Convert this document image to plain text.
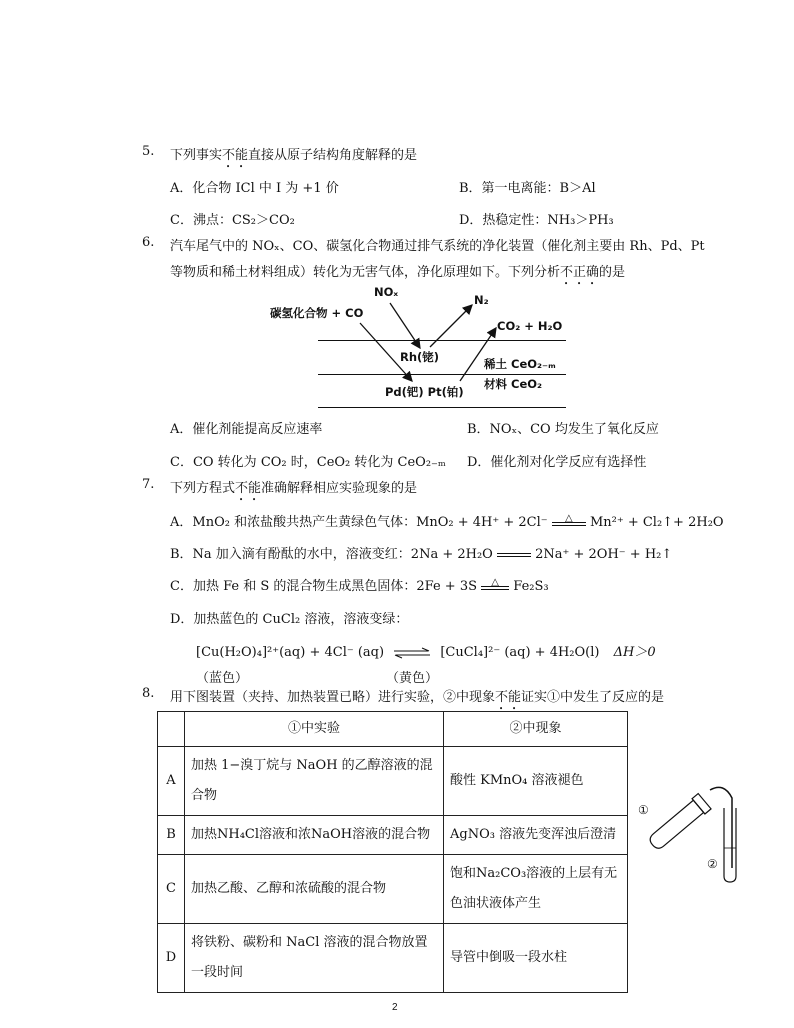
5. 下列事实不能直接从原子结构角度解释的是
A．化合物 ICl 中 I 为 +1 价	B．第一电离能：B＞Al
C．沸点：CS₂＞CO₂	D．热稳定性：NH₃＞PH₃
6. 汽车尾气中的 NOₓ、CO、碳氢化合物通过排气系统的净化装置（催化剂主要由 Rh、Pd、Pt
等物质和稀土材料组成）转化为无害气体，净化原理如下。下列分析不正确的是
碳氢化合物 + CO
NOₓ
N₂
CO₂ + H₂O
Rh(铑)
Pd(钯) Pt(铂)
稀土 CeO₂₋ₘ
材料 CeO₂
A．催化剂能提高反应速率	B．NOₓ、CO 均发生了氧化反应
C．CO 转化为 CO₂ 时，CeO₂ 转化为 CeO₂₋ₘ D．催化剂对化学反应有选择性
7. 下列方程式不能准确解释相应实验现象的是
A．MnO₂ 和浓盐酸共热产生黄绿色气体：MnO₂ + 4H⁺ + 2Cl⁻	△	Mn²⁺ + Cl₂↑+ 2H₂O
B．Na 加入滴有酚酞的水中，溶液变红：2Na + 2H₂O	2Na⁺ + 2OH⁻ + H₂↑
C．加热 Fe 和 S 的混合物生成黑色固体：2Fe + 3S	△	Fe₂S₃
D．加热蓝色的 CuCl₂ 溶液，溶液变绿：
[Cu(H₂O)₄]²⁺(aq) + 4Cl⁻ (aq) ⇌ [CuCl₄]²⁻ (aq) + 4H₂O(l) ΔH＞0
（蓝色）	（黄色）
8. 用下图装置（夹持、加热装置已略）进行实验，②中现象不能证实①中发生了反应的是
	①中实验	②中现象
A	加热 1−溴丁烷与 NaOH 的乙醇溶液的混合物	酸性 KMnO₄ 溶液褪色
B	加热NH₄Cl溶液和浓NaOH溶液的混合物	AgNO₃ 溶液先变浑浊后澄清
C	加热乙酸、乙醇和浓硫酸的混合物	饱和Na₂CO₃溶液的上层有无色油状液体产生
D	将铁粉、碳粉和 NaCl 溶液的混合物放置一段时间	导管中倒吸一段水柱
①
②
2
